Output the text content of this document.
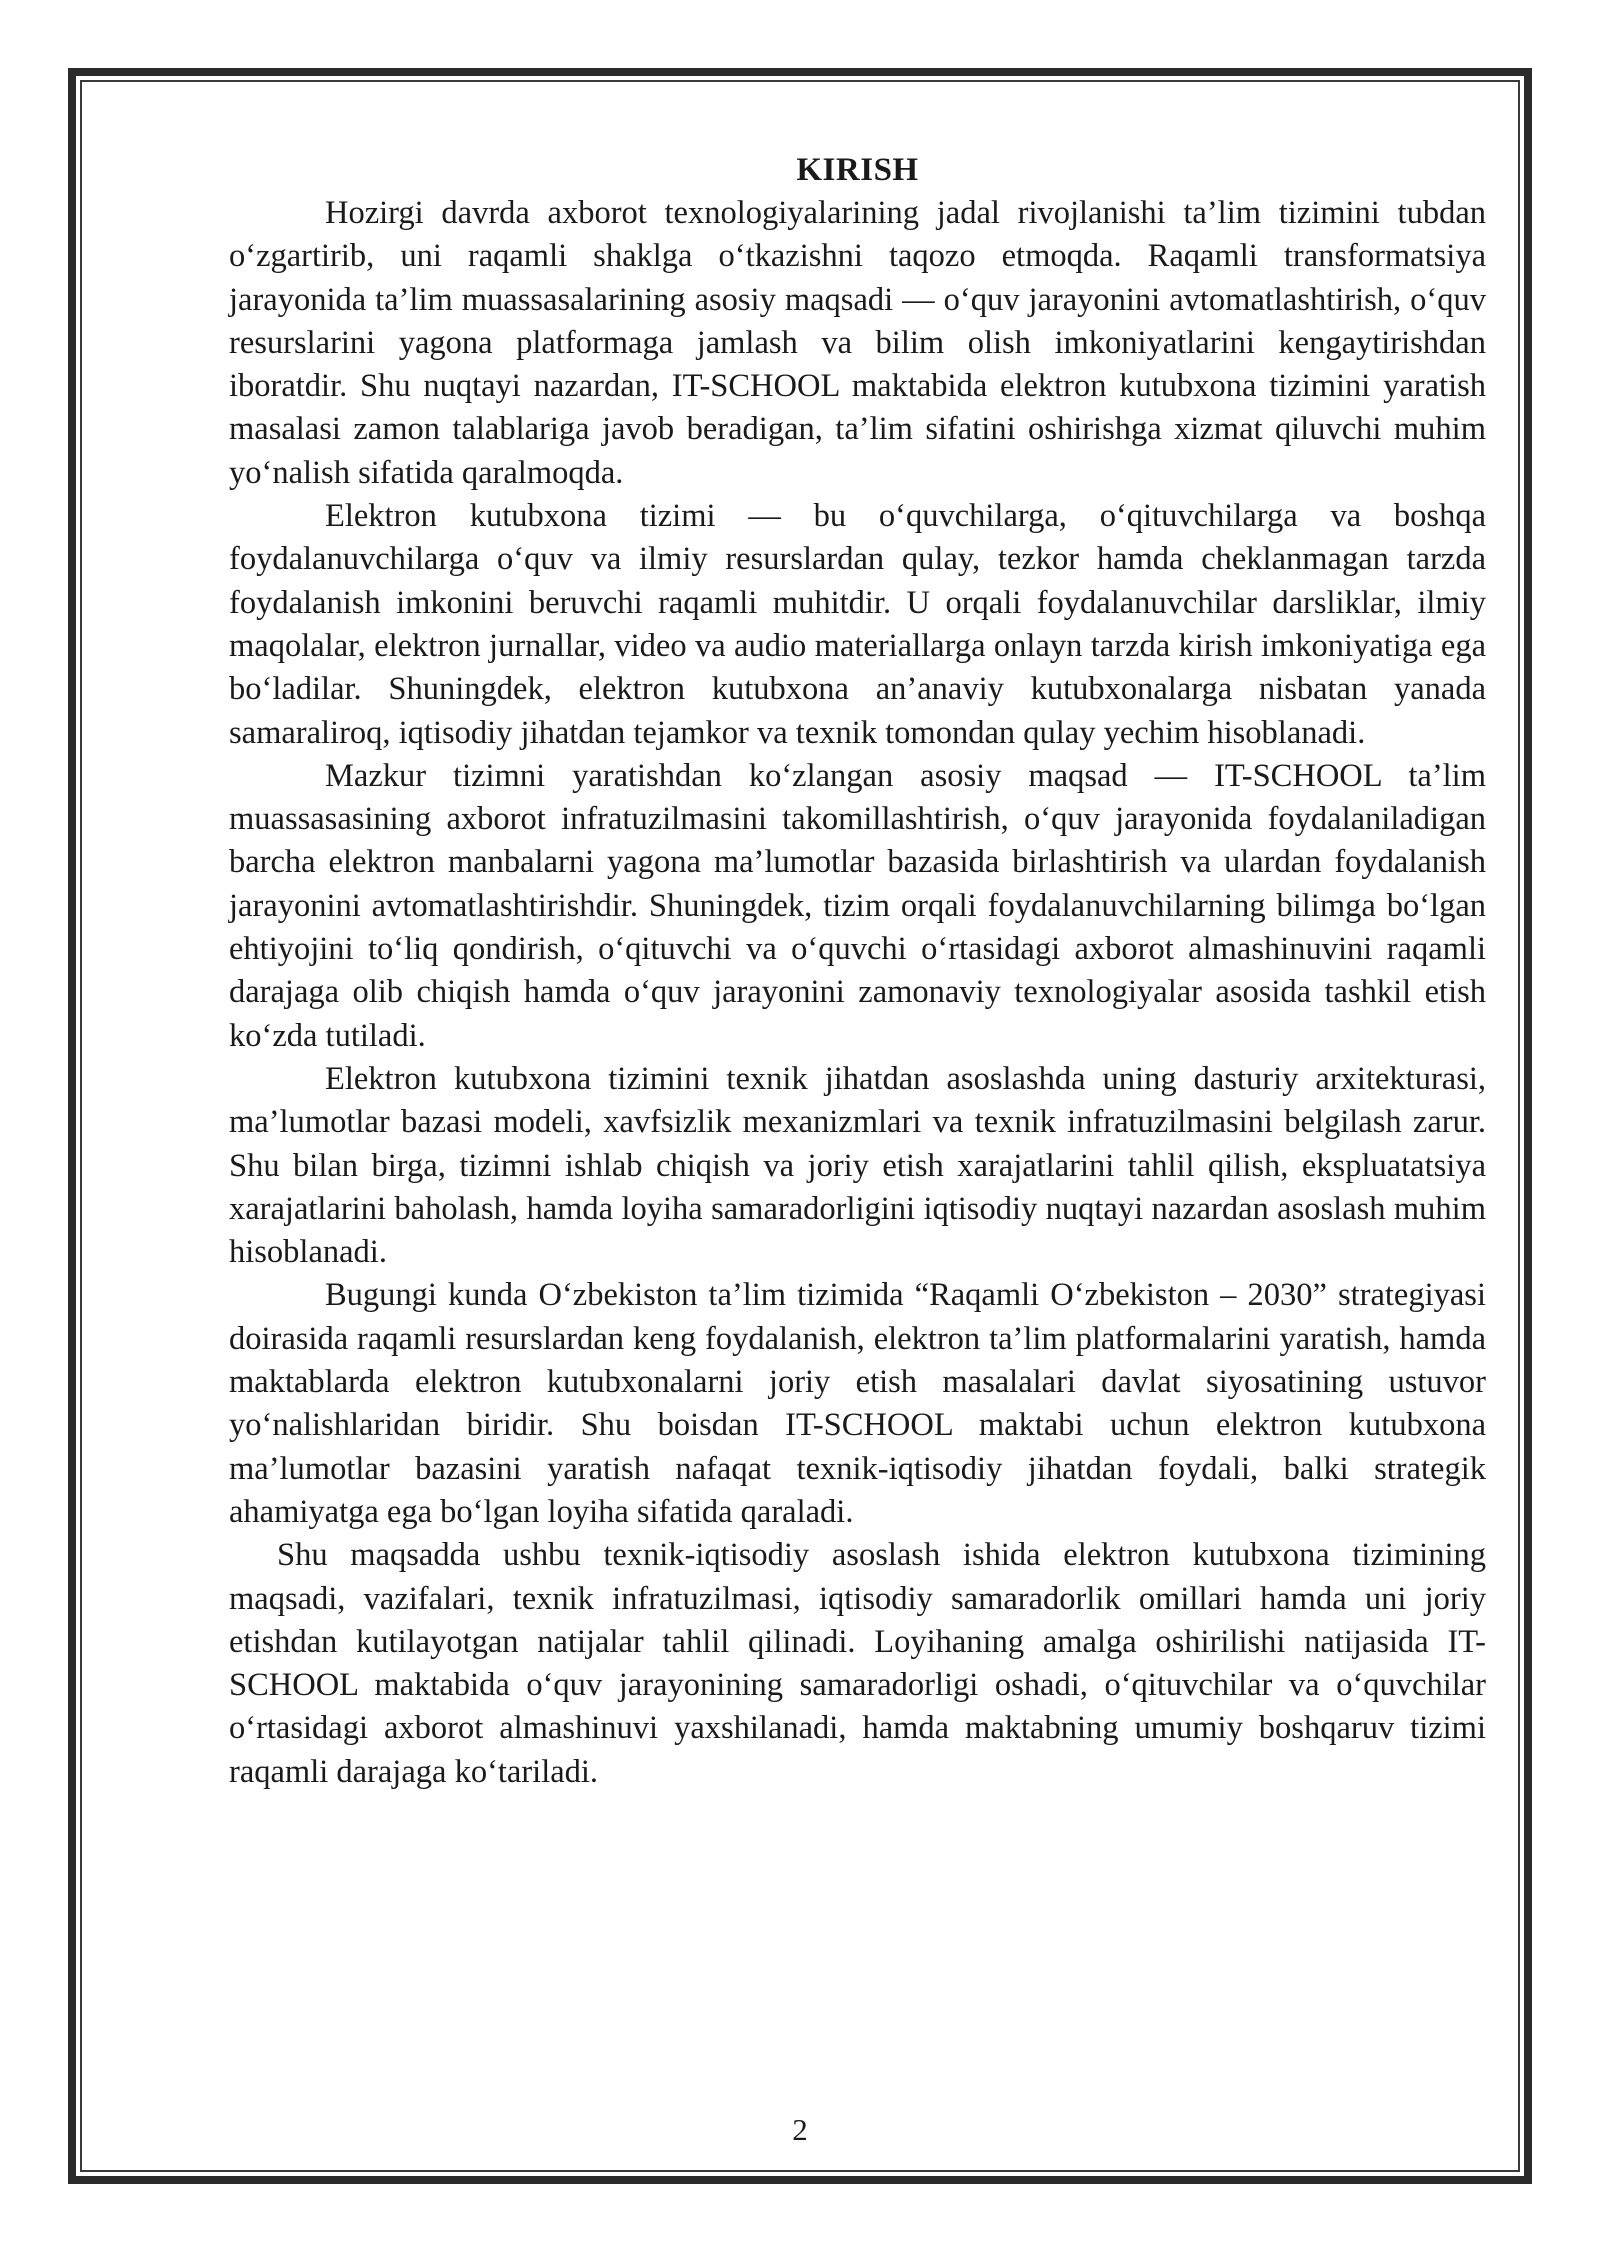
KIRISH

Hozirgi davrda axborot texnologiyalarining jadal rivojlanishi ta’lim tizimini tubdan o‘zgartirib, uni raqamli shaklga o‘tkazishni taqozo etmoqda. Raqamli transformatsiya jarayonida ta’lim muassasalarining asosiy maqsadi — o‘quv jarayonini avtomatlashtirish, o‘quv resurslarini yagona platformaga jamlash va bilim olish imkoniyatlarini kengaytirishdan iboratdir. Shu nuqtayi nazardan, IT-SCHOOL maktabida elektron kutubxona tizimini yaratish masalasi zamon talablariga javob beradigan, ta’lim sifatini oshirishga xizmat qiluvchi muhim yo‘nalish sifatida qaralmoqda.

Elektron kutubxona tizimi — bu o‘quvchilarga, o‘qituvchilarga va boshqa foydalanuvchilarga o‘quv va ilmiy resurslardan qulay, tezkor hamda cheklanmagan tarzda foydalanish imkonini beruvchi raqamli muhitdir. U orqali foydalanuvchilar darsliklar, ilmiy maqolalar, elektron jurnallar, video va audio materiallarga onlayn tarzda kirish imkoniyatiga ega bo‘ladilar. Shuningdek, elektron kutubxona an’anaviy kutubxonalarga nisbatan yanada samaraliroq, iqtisodiy jihatdan tejamkor va texnik tomondan qulay yechim hisoblanadi.

Mazkur tizimni yaratishdan ko‘zlangan asosiy maqsad — IT-SCHOOL ta’lim muassasasining axborot infratuzilmasini takomillashtirish, o‘quv jarayonida foydalaniladigan barcha elektron manbalarni yagona ma’lumotlar bazasida birlashtirish va ulardan foydalanish jarayonini avtomatlashtirishdir. Shuningdek, tizim orqali foydalanuvchilarning bilimga bo‘lgan ehtiyojini to‘liq qondirish, o‘qituvchi va o‘quvchi o‘rtasidagi axborot almashinuvini raqamli darajaga olib chiqish hamda o‘quv jarayonini zamonaviy texnologiyalar asosida tashkil etish ko‘zda tutiladi.

Elektron kutubxona tizimini texnik jihatdan asoslashda uning dasturiy arxitekturasi, ma’lumotlar bazasi modeli, xavfsizlik mexanizmlari va texnik infratuzilmasini belgilash zarur. Shu bilan birga, tizimni ishlab chiqish va joriy etish xarajatlarini tahlil qilish, ekspluatatsiya xarajatlarini baholash, hamda loyiha samaradorligini iqtisodiy nuqtayi nazardan asoslash muhim hisoblanadi.

Bugungi kunda O‘zbekiston ta’lim tizimida “Raqamli O‘zbekiston – 2030” strategiyasi doirasida raqamli resurslardan keng foydalanish, elektron ta’lim platformalarini yaratish, hamda maktablarda elektron kutubxonalarni joriy etish masalalari davlat siyosatining ustuvor yo‘nalishlaridan biridir. Shu boisdan IT-SCHOOL maktabi uchun elektron kutubxona ma’lumotlar bazasini yaratish nafaqat texnik-iqtisodiy jihatdan foydali, balki strategik ahamiyatga ega bo‘lgan loyiha sifatida qaraladi.

Shu maqsadda ushbu texnik-iqtisodiy asoslash ishida elektron kutubxona tizimining maqsadi, vazifalari, texnik infratuzilmasi, iqtisodiy samaradorlik omillari hamda uni joriy etishdan kutilayotgan natijalar tahlil qilinadi. Loyihaning amalga oshirilishi natijasida IT-SCHOOL maktabida o‘quv jarayonining samaradorligi oshadi, o‘qituvchilar va o‘quvchilar o‘rtasidagi axborot almashinuvi yaxshilanadi, hamda maktabning umumiy boshqaruv tizimi raqamli darajaga ko‘tariladi.

2
